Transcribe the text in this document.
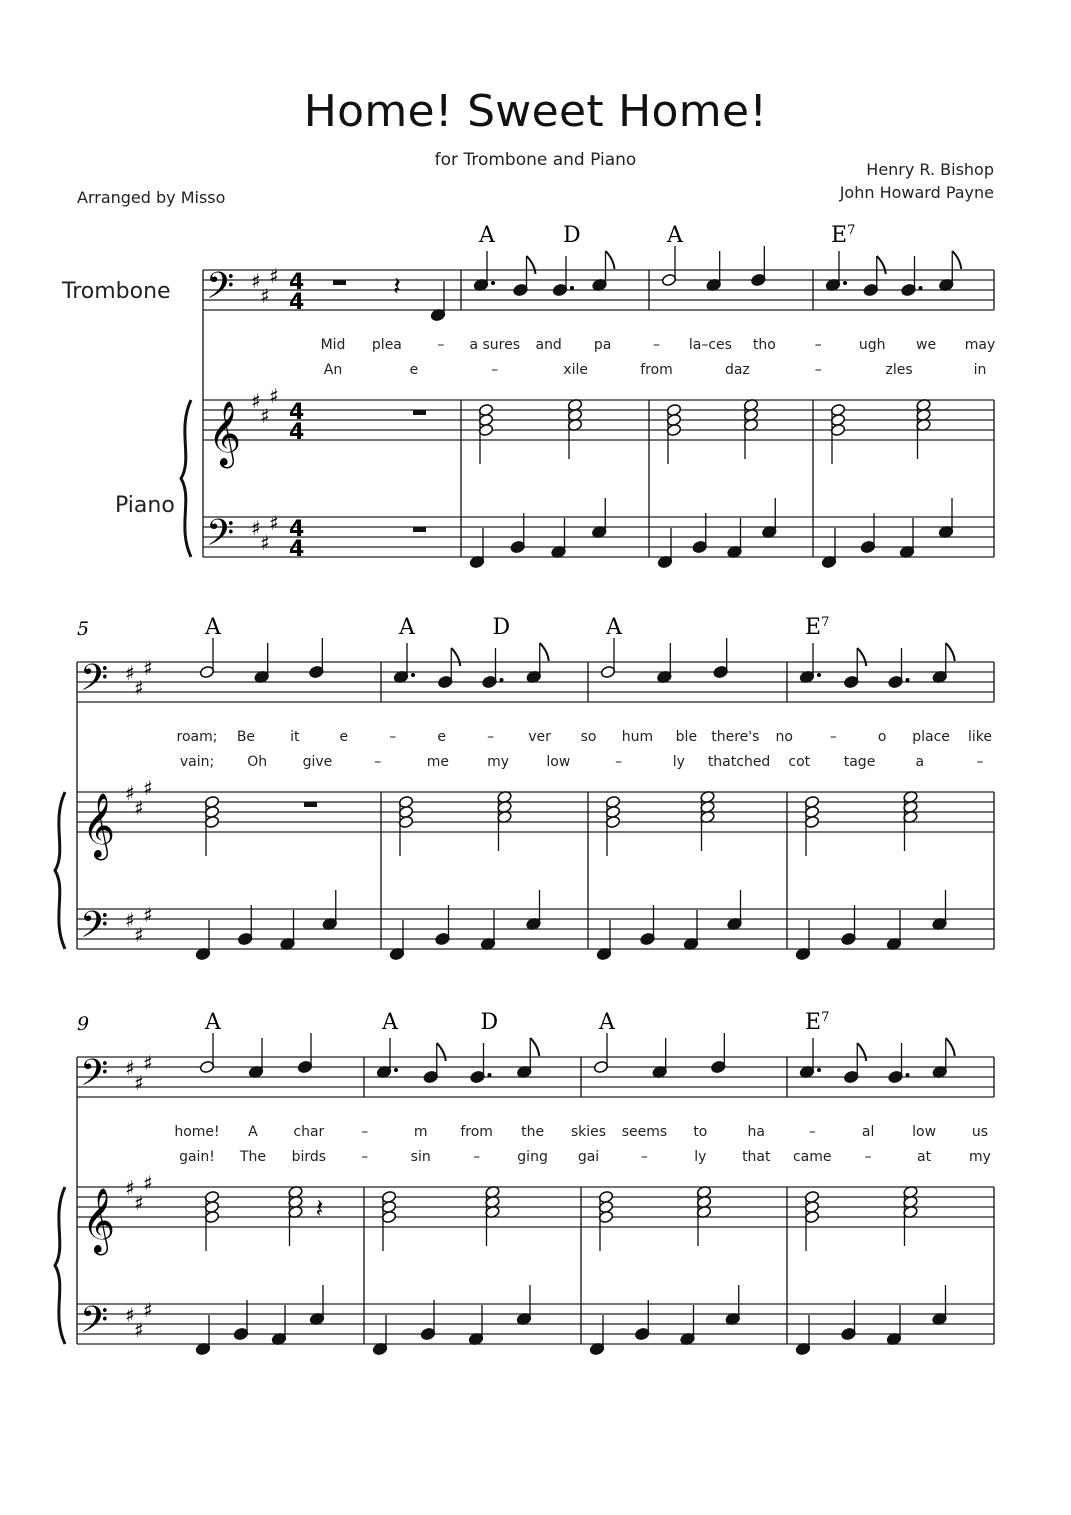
Home! Sweet Home!
for Trombone and Piano	Henry R. Bishop
John Howard Payne
Arranged by Misso
𝄢
𝄞
𝄢
♯
♯
♯
♯
♯
♯
♯
♯
♯
4
4
4
4
4
4
A	D	A	$E^7$
𝄽
Mid plea	– a sures and pa	– la–ces tho	–	ugh we may
An	e	–	xile	from	daz	–	zles	in
Trombone
Piano
𝄢
𝄞
𝄢
♯
♯
♯
♯
♯
♯
♯
♯
♯
5	A	A	D	A	$E^7$
roam; Be	it	e	–	e	– ver so hum ble there's no	–	o place like
vain; Oh	give	–	me	my	low	–	ly thatched cot tage	a	–
𝄢
𝄞
𝄢
♯
♯
♯
♯
♯
♯
♯
♯
♯
9	A	A	D	A	$E^7$
𝄽
home! A	char	–	m from the skies seems to	ha	–	al	low	us
gain! The birds	–	sin	–	ging gai	–	ly	that came –	at	my
